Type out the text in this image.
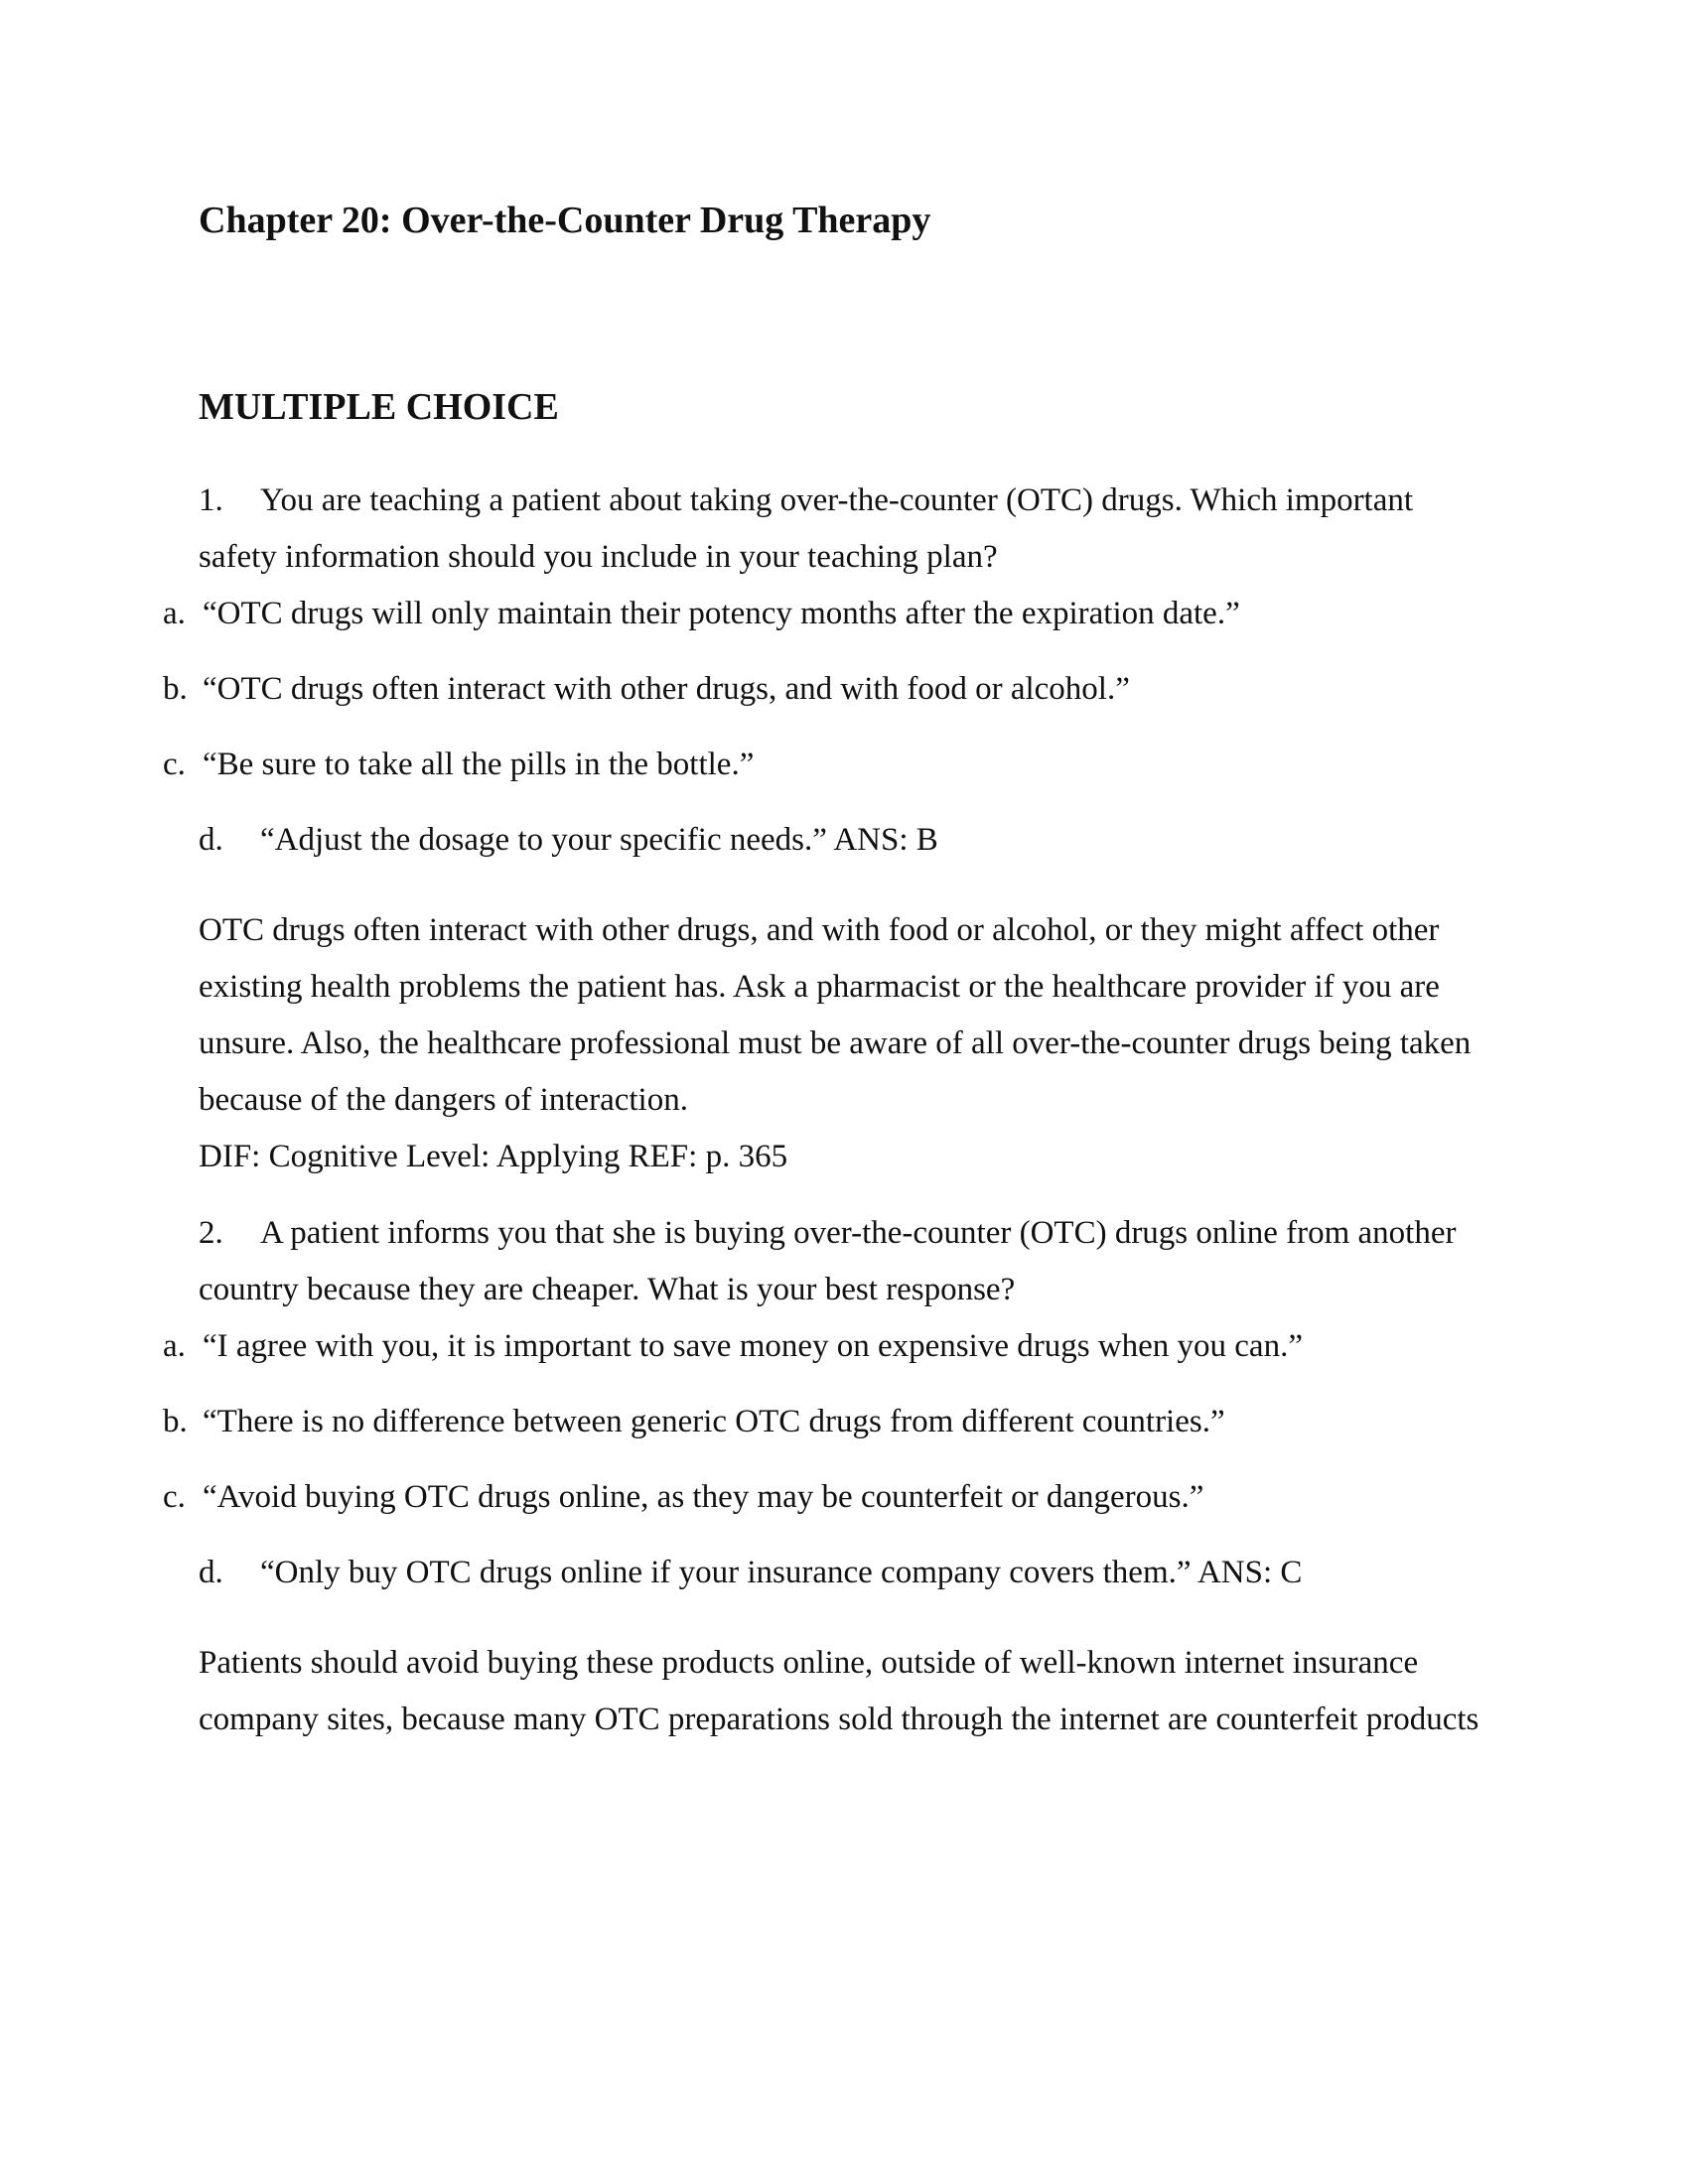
Chapter 20: Over-the-Counter Drug Therapy
MULTIPLE CHOICE
1. You are teaching a patient about taking over-the-counter (OTC) drugs. Which important
safety information should you include in your teaching plan?
a. “OTC drugs will only maintain their potency months after the expiration date.”
b. “OTC drugs often interact with other drugs, and with food or alcohol.”
c. “Be sure to take all the pills in the bottle.”
d. “Adjust the dosage to your specific needs.” ANS: B
OTC drugs often interact with other drugs, and with food or alcohol, or they might affect other
existing health problems the patient has. Ask a pharmacist or the healthcare provider if you are
unsure. Also, the healthcare professional must be aware of all over-the-counter drugs being taken
because of the dangers of interaction.
DIF: Cognitive Level: Applying REF: p. 365
2. A patient informs you that she is buying over-the-counter (OTC) drugs online from another
country because they are cheaper. What is your best response?
a. “I agree with you, it is important to save money on expensive drugs when you can.”
b. “There is no difference between generic OTC drugs from different countries.”
c. “Avoid buying OTC drugs online, as they may be counterfeit or dangerous.”
d. “Only buy OTC drugs online if your insurance company covers them.” ANS: C
Patients should avoid buying these products online, outside of well-known internet insurance
company sites, because many OTC preparations sold through the internet are counterfeit products
